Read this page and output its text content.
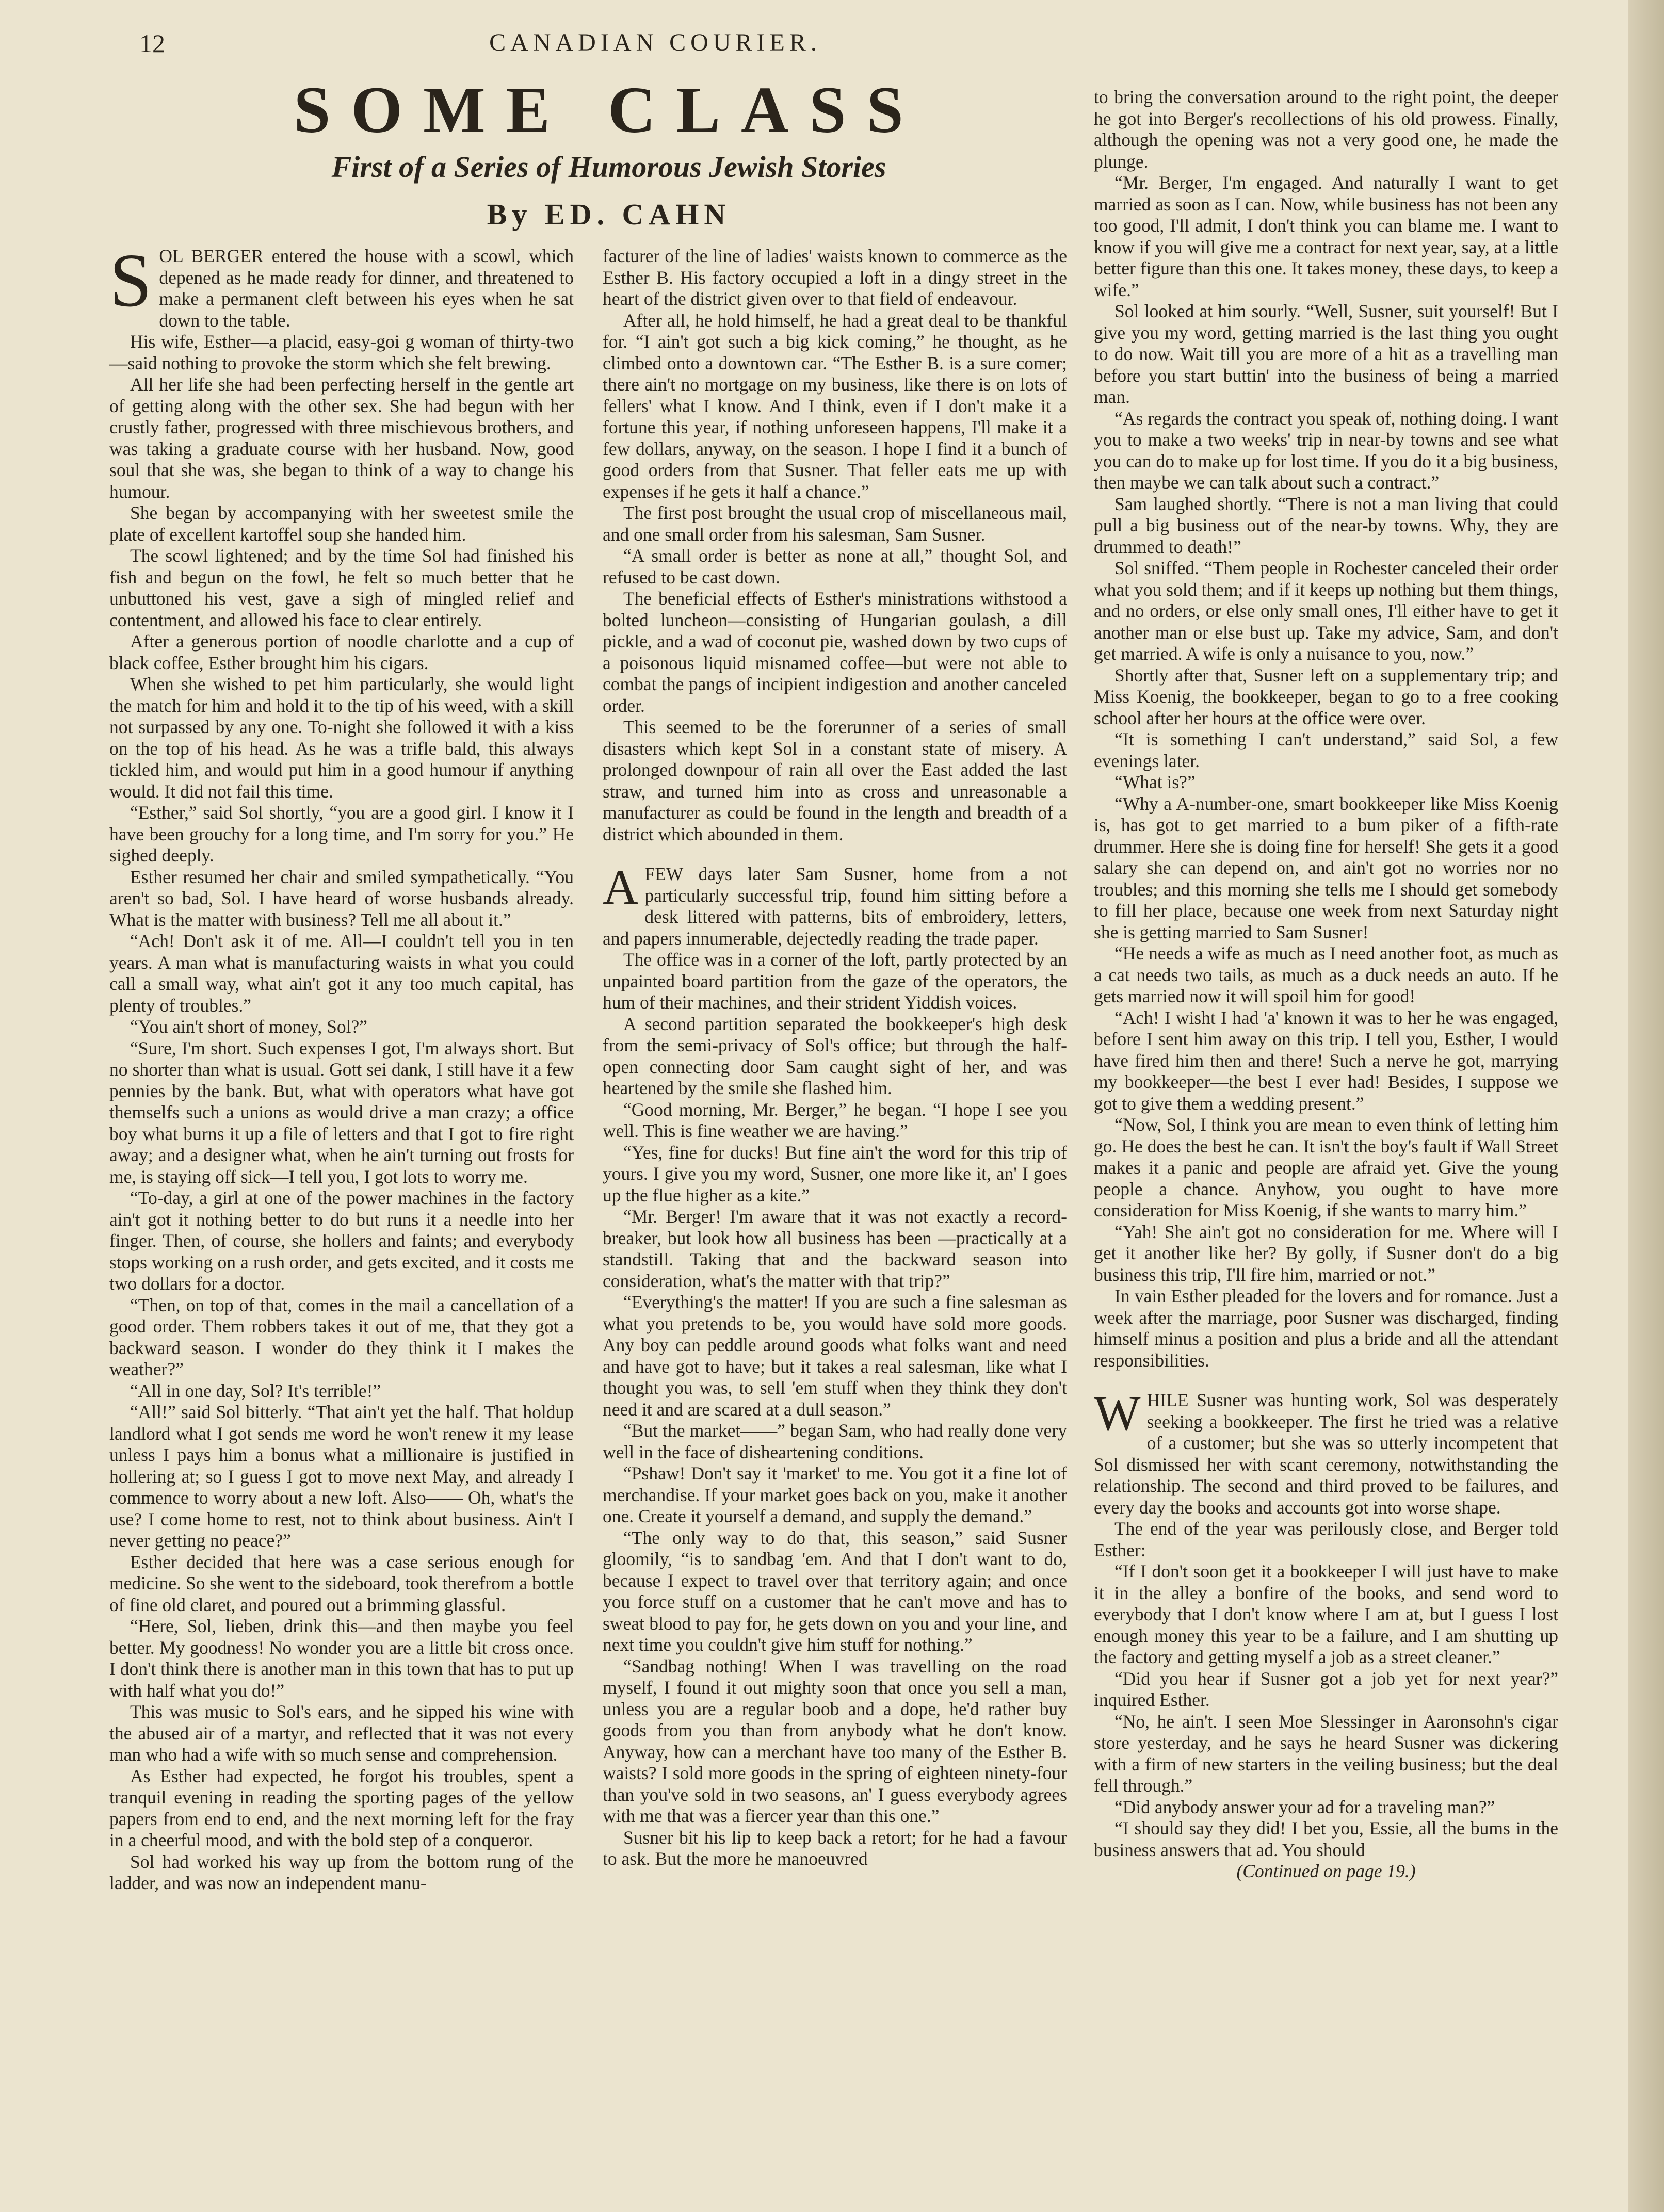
12	CANADIAN COURIER.
SOME CLASS
First of a Series of Humorous Jewish Stories
By ED. CAHN
S OL BERGER entered the house with a scowl, which depened as he made ready for dinner, and threatened to make a permanent cleft between his eyes when he sat down to the table.

His wife, Esther—a placid, easy-goi g woman of thirty-two—said nothing to provoke the storm which she felt brewing.

All her life she had been perfecting herself in the gentle art of getting along with the other sex. She had begun with her crustly father, progressed with three mischievous brothers, and was taking a graduate course with her husband. Now, good soul that she was, she began to think of a way to change his humour.

She began by accompanying with her sweetest smile the plate of excellent kartoffel soup she handed him.

The scowl lightened; and by the time Sol had finished his fish and begun on the fowl, he felt so much better that he unbuttoned his vest, gave a sigh of mingled relief and contentment, and allowed his face to clear entirely.

After a generous portion of noodle charlotte and a cup of black coffee, Esther brought him his cigars.

When she wished to pet him particularly, she would light the match for him and hold it to the tip of his weed, with a skill not surpassed by any one. To-night she followed it with a kiss on the top of his head. As he was a trifle bald, this always tickled him, and would put him in a good humour if anything would. It did not fail this time.

“Esther,” said Sol shortly, “you are a good girl. I know it I have been grouchy for a long time, and I'm sorry for you.” He sighed deeply.

Esther resumed her chair and smiled sympathetically. “You aren't so bad, Sol. I have heard of worse husbands already. What is the matter with business? Tell me all about it.”

“Ach! Don't ask it of me. All—I couldn't tell you in ten years. A man what is manufacturing waists in what you could call a small way, what ain't got it any too much capital, has plenty of troubles.”

“You ain't short of money, Sol?”

“Sure, I'm short. Such expenses I got, I'm always short. But no shorter than what is usual. Gott sei dank, I still have it a few pennies by the bank. But, what with operators what have got themselfs such a unions as would drive a man crazy; a office boy what burns it up a file of letters and that I got to fire right away; and a designer what, when he ain't turning out frosts for me, is staying off sick—I tell you, I got lots to worry me.

“To-day, a girl at one of the power machines in the factory ain't got it nothing better to do but runs it a needle into her finger. Then, of course, she hollers and faints; and everybody stops working on a rush order, and gets excited, and it costs me two dollars for a doctor.

“Then, on top of that, comes in the mail a cancellation of a good order. Them robbers takes it out of me, that they got a backward season. I wonder do they think it I makes the weather?”

“All in one day, Sol? It's terrible!”

“All!” said Sol bitterly. “That ain't yet the half. That holdup landlord what I got sends me word he won't renew it my lease unless I pays him a bonus what a millionaire is justified in hollering at; so I guess I got to move next May, and already I commence to worry about a new loft. Also—— Oh, what's the use? I come home to rest, not to think about business. Ain't I never getting no peace?”

Esther decided that here was a case serious enough for medicine. So she went to the sideboard, took therefrom a bottle of fine old claret, and poured out a brimming glassful.

“Here, Sol, lieben, drink this—and then maybe you feel better. My goodness! No wonder you are a little bit cross once. I don't think there is another man in this town that has to put up with half what you do!”

This was music to Sol's ears, and he sipped his wine with the abused air of a martyr, and reflected that it was not every man who had a wife with so much sense and comprehension.

As Esther had expected, he forgot his troubles, spent a tranquil evening in reading the sporting pages of the yellow papers from end to end, and the next morning left for the fray in a cheerful mood, and with the bold step of a conqueror.

Sol had worked his way up from the bottom rung of the ladder, and was now an independent manu-

facturer of the line of ladies' waists known to commerce as the Esther B. His factory occupied a loft in a dingy street in the heart of the district given over to that field of endeavour.

After all, he hold himself, he had a great deal to be thankful for. “I ain't got such a big kick coming,” he thought, as he climbed onto a downtown car. “The Esther B. is a sure comer; there ain't no mortgage on my business, like there is on lots of fellers' what I know. And I think, even if I don't make it a fortune this year, if nothing unforeseen happens, I'll make it a few dollars, anyway, on the season. I hope I find it a bunch of good orders from that Susner. That feller eats me up with expenses if he gets it half a chance.”

The first post brought the usual crop of miscellaneous mail, and one small order from his salesman, Sam Susner.

“A small order is better as none at all,” thought Sol, and refused to be cast down.

The beneficial effects of Esther's ministrations withstood a bolted luncheon—consisting of Hungarian goulash, a dill pickle, and a wad of coconut pie, washed down by two cups of a poisonous liquid misnamed coffee—but were not able to combat the pangs of incipient indigestion and another canceled order.

This seemed to be the forerunner of a series of small disasters which kept Sol in a constant state of misery. A prolonged downpour of rain all over the East added the last straw, and turned him into as cross and unreasonable a manufacturer as could be found in the length and breadth of a district which abounded in them.

A FEW days later Sam Susner, home from a not particularly successful trip, found him sitting before a desk littered with patterns, bits of embroidery, letters, and papers innumerable, dejectedly reading the trade paper.

The office was in a corner of the loft, partly protected by an unpainted board partition from the gaze of the operators, the hum of their machines, and their strident Yiddish voices.

A second partition separated the bookkeeper's high desk from the semi-privacy of Sol's office; but through the half-open connecting door Sam caught sight of her, and was heartened by the smile she flashed him.

“Good morning, Mr. Berger,” he began. “I hope I see you well. This is fine weather we are having.”

“Yes, fine for ducks! But fine ain't the word for this trip of yours. I give you my word, Susner, one more like it, an' I goes up the flue higher as a kite.”

“Mr. Berger! I'm aware that it was not exactly a record-breaker, but look how all business has been —practically at a standstill. Taking that and the backward season into consideration, what's the matter with that trip?”

“Everything's the matter! If you are such a fine salesman as what you pretends to be, you would have sold more goods. Any boy can peddle around goods what folks want and need and have got to have; but it takes a real salesman, like what I thought you was, to sell 'em stuff when they think they don't need it and are scared at a dull season.”

“But the market——” began Sam, who had really done very well in the face of disheartening conditions.

“Pshaw! Don't say it 'market' to me. You got it a fine lot of merchandise. If your market goes back on you, make it another one. Create it yourself a demand, and supply the demand.”

“The only way to do that, this season,” said Susner gloomily, “is to sandbag 'em. And that I don't want to do, because I expect to travel over that territory again; and once you force stuff on a customer that he can't move and has to sweat blood to pay for, he gets down on you and your line, and next time you couldn't give him stuff for nothing.”

“Sandbag nothing! When I was travelling on the road myself, I found it out mighty soon that once you sell a man, unless you are a regular boob and a dope, he'd rather buy goods from you than from anybody what he don't know. Anyway, how can a merchant have too many of the Esther B. waists? I sold more goods in the spring of eighteen ninety-four than you've sold in two seasons, an' I guess everybody agrees with me that was a fiercer year than this one.”

Susner bit his lip to keep back a retort; for he had a favour to ask. But the more he manoeuvred

to bring the conversation around to the right point, the deeper he got into Berger's recollections of his old prowess. Finally, although the opening was not a very good one, he made the plunge.

“Mr. Berger, I'm engaged. And naturally I want to get married as soon as I can. Now, while business has not been any too good, I'll admit, I don't think you can blame me. I want to know if you will give me a contract for next year, say, at a little better figure than this one. It takes money, these days, to keep a wife.”

Sol looked at him sourly. “Well, Susner, suit yourself! But I give you my word, getting married is the last thing you ought to do now. Wait till you are more of a hit as a travelling man before you start buttin' into the business of being a married man.

“As regards the contract you speak of, nothing doing. I want you to make a two weeks' trip in near-by towns and see what you can do to make up for lost time. If you do it a big business, then maybe we can talk about such a contract.”

Sam laughed shortly. “There is not a man living that could pull a big business out of the near-by towns. Why, they are drummed to death!”

Sol sniffed. “Them people in Rochester canceled their order what you sold them; and if it keeps up nothing but them things, and no orders, or else only small ones, I'll either have to get it another man or else bust up. Take my advice, Sam, and don't get married. A wife is only a nuisance to you, now.”

Shortly after that, Susner left on a supplementary trip; and Miss Koenig, the bookkeeper, began to go to a free cooking school after her hours at the office were over.

“It is something I can't understand,” said Sol, a few evenings later.

“What is?”

“Why a A-number-one, smart bookkeeper like Miss Koenig is, has got to get married to a bum piker of a fifth-rate drummer. Here she is doing fine for herself! She gets it a good salary she can depend on, and ain't got no worries nor no troubles; and this morning she tells me I should get somebody to fill her place, because one week from next Saturday night she is getting married to Sam Susner!

“He needs a wife as much as I need another foot, as much as a cat needs two tails, as much as a duck needs an auto. If he gets married now it will spoil him for good!

“Ach! I wisht I had 'a' known it was to her he was engaged, before I sent him away on this trip. I tell you, Esther, I would have fired him then and there! Such a nerve he got, marrying my bookkeeper—the best I ever had! Besides, I suppose we got to give them a wedding present.”

“Now, Sol, I think you are mean to even think of letting him go. He does the best he can. It isn't the boy's fault if Wall Street makes it a panic and people are afraid yet. Give the young people a chance. Anyhow, you ought to have more consideration for Miss Koenig, if she wants to marry him.”

“Yah! She ain't got no consideration for me. Where will I get it another like her? By golly, if Susner don't do a big business this trip, I'll fire him, married or not.”

In vain Esther pleaded for the lovers and for romance. Just a week after the marriage, poor Susner was discharged, finding himself minus a position and plus a bride and all the attendant responsibilities.

W HILE Susner was hunting work, Sol was desperately seeking a bookkeeper. The first he tried was a relative of a customer; but she was so utterly incompetent that Sol dismissed her with scant ceremony, notwithstanding the relationship. The second and third proved to be failures, and every day the books and accounts got into worse shape.

The end of the year was perilously close, and Berger told Esther:

“If I don't soon get it a bookkeeper I will just have to make it in the alley a bonfire of the books, and send word to everybody that I don't know where I am at, but I guess I lost enough money this year to be a failure, and I am shutting up the factory and getting myself a job as a street cleaner.”

“Did you hear if Susner got a job yet for next year?” inquired Esther.

“No, he ain't. I seen Moe Slessinger in Aaronsohn's cigar store yesterday, and he says he heard Susner was dickering with a firm of new starters in the veiling business; but the deal fell through.”

“Did anybody answer your ad for a traveling man?”

“I should say they did! I bet you, Essie, all the bums in the business answers that ad. You should

(Continued on page 19.)
